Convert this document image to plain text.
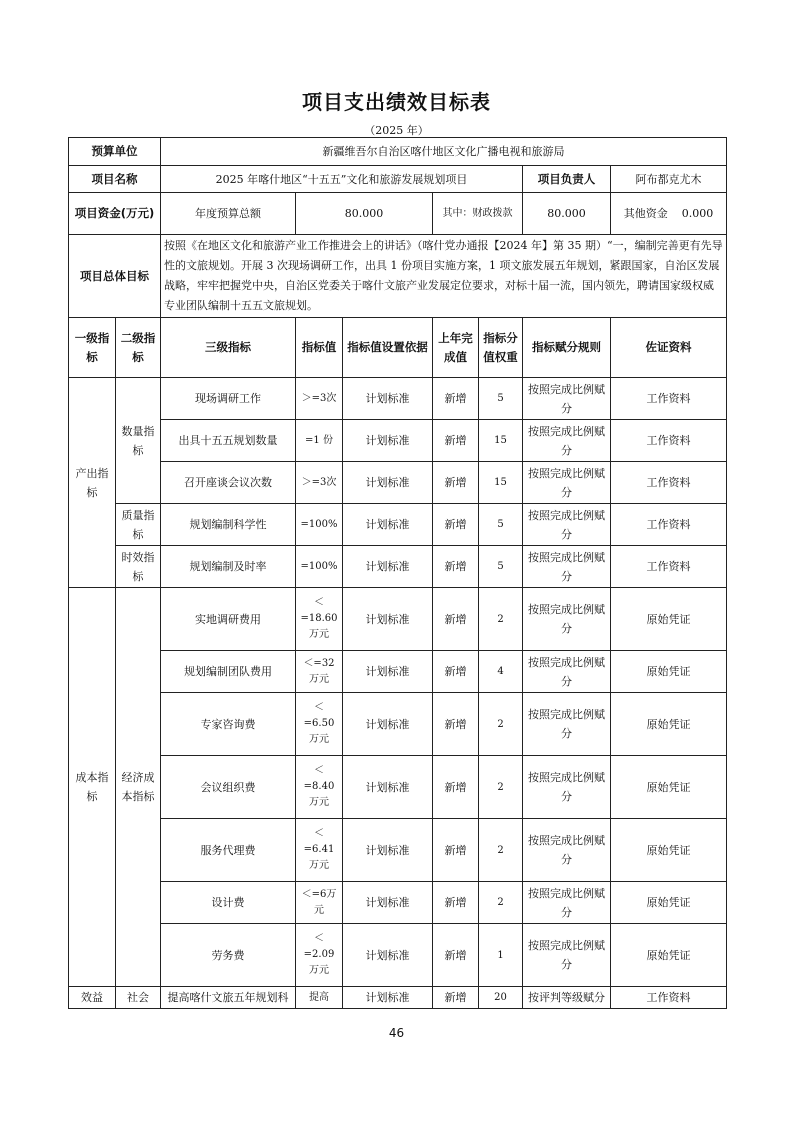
项目支出绩效目标表
（2025 年）
预算单位		新疆维吾尔自治区喀什地区文化广播电视和旅游局						
项目名称		2025 年喀什地区“十五五”文化和旅游发展规划项目					项目负责人	阿布都克尤木
项目资金(万元)		年度预算总额	80.000		其中：财政拨款		80.000	其他资金 0.000
项目总体目标		按照《在地区文化和旅游产业工作推进会上的讲话》（喀什党办通报【2024 年】第 35 期）“一，编制完善更有先导性的文旅规划。开展 3 次现场调研工作，出具 1 份项目实施方案，1 项文旅发展五年规划，紧跟国家，自治区发展战略，牢牢把握党中央，自治区党委关于喀什文旅产业发展定位要求，对标十届一流，国内领先，聘请国家级权威专业团队编制十五五文旅规划。						
一级指标	二级指标	三级指标	指标值	指标值设置依据	上年完成值	指标分值权重	指标赋分规则	佐证资料
产出指标	数量指标	现场调研工作	＞=3次	计划标准	新增	5	按照完成比例赋分	工作资料
		出具十五五规划数量	=1 份	计划标准	新增	15	按照完成比例赋分	工作资料
		召开座谈会议次数	＞=3次	计划标准	新增	15	按照完成比例赋分	工作资料
	质量指标	规划编制科学性	=100%	计划标准	新增	5	按照完成比例赋分	工作资料
	时效指标	规划编制及时率	=100%	计划标准	新增	5	按照完成比例赋分	工作资料
成本指标	经济成本指标	实地调研费用	＜=18.60万元	计划标准	新增	2	按照完成比例赋分	原始凭证
		规划编制团队费用	＜=32万元	计划标准	新增	4	按照完成比例赋分	原始凭证
		专家咨询费	＜=6.50万元	计划标准	新增	2	按照完成比例赋分	原始凭证
		会议组织费	＜=8.40万元	计划标准	新增	2	按照完成比例赋分	原始凭证
		服务代理费	＜=6.41万元	计划标准	新增	2	按照完成比例赋分	原始凭证
		设计费	＜=6万元	计划标准	新增	2	按照完成比例赋分	原始凭证
		劳务费	＜=2.09万元	计划标准	新增	1	按照完成比例赋分	原始凭证
效益	社会	提高喀什文旅五年规划科	提高	计划标准	新增	20	按评判等级赋分	工作资料
46
